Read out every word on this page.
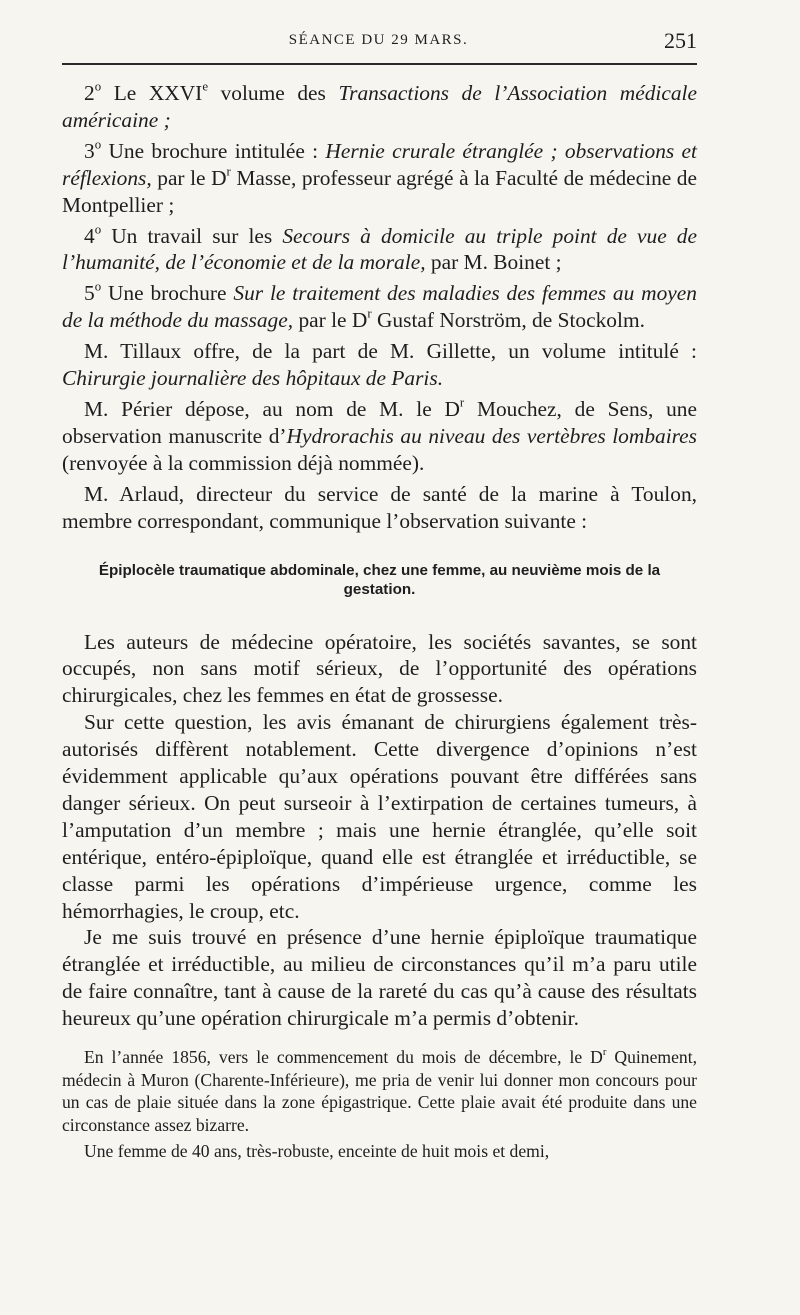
SÉANCE DU 29 MARS.	251

2$^o$ Le XXVIe volume des Transactions de l’Association médicale américaine ;

3$^o$ Une brochure intitulée : Hernie crurale étranglée ; observations et réflexions, par le $D^r$ Masse, professeur agrégé à la Faculté de médecine de Montpellier ;

4$^o$ Un travail sur les Secours à domicile au triple point de vue de l’humanité, de l’économie et de la morale, par M. Boinet ;

5$^o$ Une brochure Sur le traitement des maladies des femmes au moyen de la méthode du massage, par le $D^r$ Gustaf Norström, de Stockolm.

M. Tillaux offre, de la part de M. Gillette, un volume intitulé : Chirurgie journalière des hôpitaux de Paris.

M. Périer dépose, au nom de M. le $D^r$ Mouchez, de Sens, une observation manuscrite d’Hydrorachis au niveau des vertèbres lombaires (renvoyée à la commission déjà nommée).

M. Arlaud, directeur du service de santé de la marine à Toulon, membre correspondant, communique l’observation suivante :

Épiplocèle traumatique abdominale, chez une femme, au neuvième mois de la gestation.

Les auteurs de médecine opératoire, les sociétés savantes, se sont occupés, non sans motif sérieux, de l’opportunité des opérations chirurgicales, chez les femmes en état de grossesse.

Sur cette question, les avis émanant de chirurgiens également très-autorisés diffèrent notablement. Cette divergence d’opinions n’est évidemment applicable qu’aux opérations pouvant être différées sans danger sérieux. On peut surseoir à l’extirpation de certaines tumeurs, à l’amputation d’un membre ; mais une hernie étranglée, qu’elle soit entérique, entéro-épiploïque, quand elle est étranglée et irréductible, se classe parmi les opérations d’impérieuse urgence, comme les hémorrhagies, le croup, etc.

Je me suis trouvé en présence d’une hernie épiploïque traumatique étranglée et irréductible, au milieu de circonstances qu’il m’a paru utile de faire connaître, tant à cause de la rareté du cas qu’à cause des résultats heureux qu’une opération chirurgicale m’a permis d’obtenir.

En l’année 1856, vers le commencement du mois de décembre, le $D^r$ Quinement, médecin à Muron (Charente-Inférieure), me pria de venir lui donner mon concours pour un cas de plaie située dans la zone épigastrique. Cette plaie avait été produite dans une circonstance assez bizarre.

Une femme de 40 ans, très-robuste, enceinte de huit mois et demi,
